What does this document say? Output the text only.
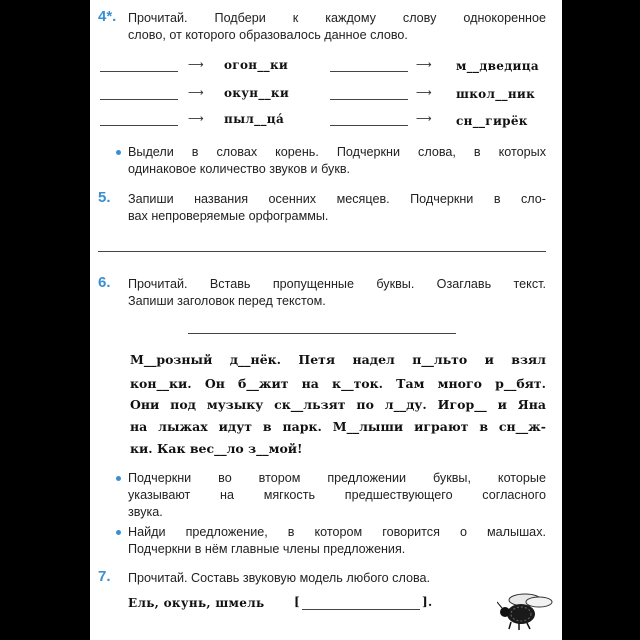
4*. Прочитай. Подбери к каждому слову однокоренное
слово, от которого образовалось данное слово.
⟶ огон__ки	⟶ м__дведица
⟶ окун__ки	⟶ школ__ник
⟶ пыл__ца́	⟶ сн__гирёк
Выдели в словах корень. Подчеркни слова, в которых
одинаковое количество звуков и букв.
5. Запиши названия осенних месяцев. Подчеркни в сло-
вах непроверяемые орфограммы.
6. Прочитай. Вставь пропущенные буквы. Озаглавь текст.
Запиши заголовок перед текстом.
М__розный д__нёк. Петя надел п__льто и взял
кон__ки. Он б__жит на к__ток. Там много р__бят.
Они под музыку ск__льзят по л__ду. Игор__ и Яна
на лыжах идут в парк. М__лыши играют в сн__ж-
ки. Как вес__ло з__мой!
Подчеркни во втором предложении буквы, которые
указывают на мягкость предшествующего согласного
звука.
Найди предложение, в котором говорится о малышах.
Подчеркни в нём главные члены предложения.
7. Прочитай. Составь звуковую модель любого слова.
Ель, окунь, шмель [	].
